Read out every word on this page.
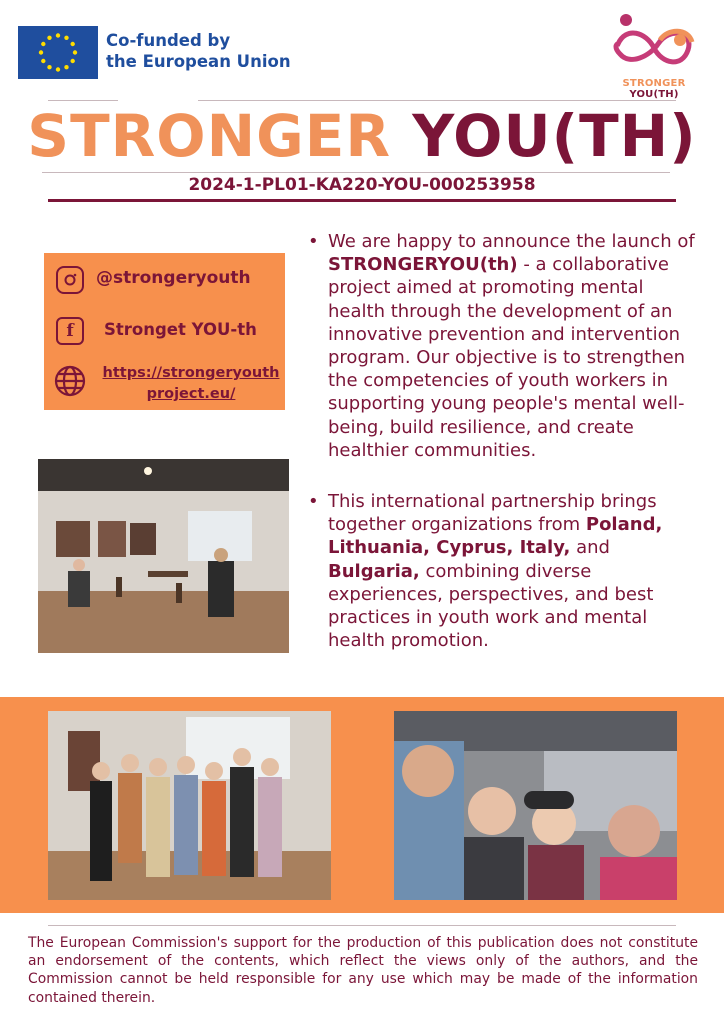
Co-funded by
the European Union
STRONGER YOU(TH)
STRONGER YOU(TH)
2024-1-PL01-KA220-YOU-000253958
@strongeryouth
f Stronget YOU-th
https://strongeryouth
project.eu/

• We are happy to announce the launch of STRONGERYOU(th) - a collaborative project aimed at promoting mental health through the development of an innovative prevention and intervention program. Our objective is to strengthen the competencies of youth workers in supporting young people's mental well-being, build resilience, and create healthier communities.

• This international partnership brings together organizations from Poland, Lithuania, Cyprus, Italy, and Bulgaria, combining diverse experiences, perspectives, and best practices in youth work and mental health promotion.

The European Commission's support for the production of this publication does not constitute an endorsement of the contents, which reflect the views only of the authors, and the Commission cannot be held responsible for any use which may be made of the information contained therein.
